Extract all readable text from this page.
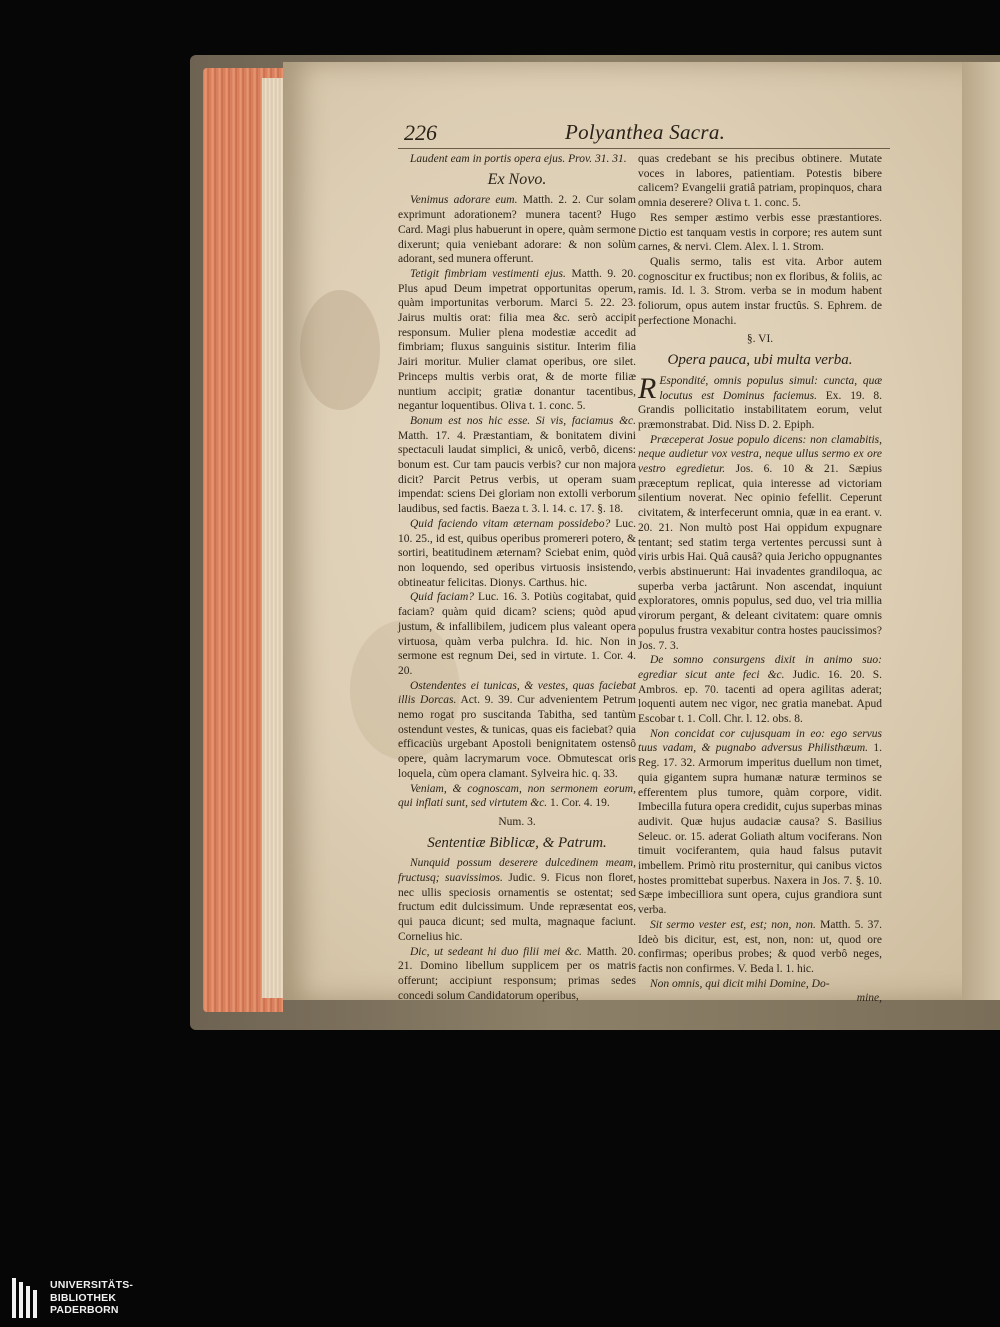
226	Polyanthea Sacra.

Laudent eam in portis opera ejus. Prov. 31. 31.

Ex Novo.

Venimus adorare eum. Matth. 2. 2. Cur solam exprimunt adorationem? munera tacent? Hugo Card. Magi plus habuerunt in opere, quàm sermone dixerunt; quia veniebant adorare: & non solùm adorant, sed munera offerunt.

Tetigit fimbriam vestimenti ejus. Matth. 9. 20. Plus apud Deum impetrat opportunitas operum, quàm importunitas verborum. Marci 5. 22. 23. Jairus multis orat: filia mea &c. serò accipit responsum. Mulier plena modestiæ accedit ad fimbriam; fluxus sanguinis sistitur. Interim filia Jairi moritur. Mulier clamat operibus, ore silet. Princeps multis verbis orat, & de morte filiæ nuntium accipit; gratiæ donantur tacentibus, negantur loquentibus. Oliva t. 1. conc. 5.

Bonum est nos hic esse. Si vis, faciamus &c. Matth. 17. 4. Præstantiam, & bonitatem divini spectaculi laudat simplici, & unicô, verbô, dicens: bonum est. Cur tam paucis verbis? cur non majora dicit? Parcit Petrus verbis, ut operam suam impendat: sciens Dei gloriam non extolli verborum laudibus, sed factis. Baeza t. 3. l. 14. c. 17. §. 18.

Quid faciendo vitam æternam possidebo? Luc. 10. 25., id est, quibus operibus promereri potero, & sortiri, beatitudinem æternam? Sciebat enim, quòd non loquendo, sed operibus virtuosis insistendo, obtineatur felicitas. Dionys. Carthus. hic.

Quid faciam? Luc. 16. 3. Potiùs cogitabat, quid faciam? quàm quid dicam? sciens; quòd apud justum, & infallibilem, judicem plus valeant opera virtuosa, quàm verba pulchra. Id. hic. Non in sermone est regnum Dei, sed in virtute. 1. Cor. 4. 20.

Ostendentes ei tunicas, & vestes, quas faciebat illis Dorcas. Act. 9. 39. Cur advenientem Petrum nemo rogat pro suscitanda Tabitha, sed tantùm ostendunt vestes, & tunicas, quas eis faciebat? quia efficaciùs urgebant Apostoli benignitatem ostensô opere, quàm lacrymarum voce. Obmutescat oris loquela, cùm opera clamant. Sylveira hic. q. 33.

Veniam, & cognoscam, non sermonem eorum, qui inflati sunt, sed virtutem &c. 1. Cor. 4. 19.

Num. 3.
Sententiæ Biblicæ, & Patrum.

Nunquid possum deserere dulcedinem meam, fructusq; suavissimos. Judic. 9. Ficus non floret, nec ullis speciosis ornamentis se ostentat; sed fructum edit dulcissimum. Unde repræsentat eos, qui pauca dicunt; sed multa, magnaque faciunt. Cornelius hic.

Dic, ut sedeant hi duo filii mei &c. Matth. 20. 21. Domino libellum supplicem per os matris offerunt; accipiunt responsum; primas sedes concedi solum Candidatorum operibus,

quas credebant se his precibus obtinere. Mutate voces in labores, patientiam. Potestis bibere calicem? Evangelii gratiâ patriam, propinquos, chara omnia deserere? Oliva t. 1. conc. 5.

Res semper æstimo verbis esse præstantiores. Dictio est tanquam vestis in corpore; res autem sunt carnes, & nervi. Clem. Alex. l. 1. Strom.

Qualis sermo, talis est vita. Arbor autem cognoscitur ex fructibus; non ex floribus, & foliis, ac ramis. Id. l. 3. Strom. verba se in modum habent foliorum, opus autem instar fructûs. S. Ephrem. de perfectione Monachi.

§. VI.
Opera pauca, ubi multa verba.

R Espondité, omnis populus simul: cuncta, quæ locutus est Dominus faciemus. Ex. 19. 8. Grandis pollicitatio instabilitatem eorum, velut præmonstrabat. Did. Niss D. 2. Epiph.

Præceperat Josue populo dicens: non clamabitis, neque audietur vox vestra, neque ullus sermo ex ore vestro egredietur. Jos. 6. 10 & 21. Sæpius præceptum replicat, quia interesse ad victoriam silentium noverat. Nec opinio fefellit. Ceperunt civitatem, & interfecerunt omnia, quæ in ea erant. v. 20. 21. Non multò post Hai oppidum expugnare tentant; sed statim terga vertentes percussi sunt à viris urbis Hai. Quâ causâ? quia Jericho oppugnantes verbis abstinuerunt: Hai invadentes grandiloqua, ac superba verba jactârunt. Non ascendat, inquiunt exploratores, omnis populus, sed duo, vel tria millia virorum pergant, & deleant civitatem: quare omnis populus frustra vexabitur contra hostes paucissimos? Jos. 7. 3.

De somno consurgens dixit in animo suo: egrediar sicut ante feci &c. Judic. 16. 20. S. Ambros. ep. 70. tacenti ad opera agilitas aderat; loquenti autem nec vigor, nec gratia manebat. Apud Escobar t. 1. Coll. Chr. l. 12. obs. 8.

Non concidat cor cujusquam in eo: ego servus tuus vadam, & pugnabo adversus Philisthæum. 1. Reg. 17. 32. Armorum imperitus duellum non timet, quia gigantem supra humanæ naturæ terminos se efferentem plus tumore, quàm corpore, vidit. Imbecilla futura opera credidit, cujus superbas minas audivit. Quæ hujus audaciæ causa? S. Basilius Seleuc. or. 15. aderat Goliath altum vociferans. Non timuit vociferantem, quia haud falsus putavit imbellem. Primò ritu prosternitur, qui canibus victos hostes promittebat superbus. Naxera in Jos. 7. §. 10. Sæpe imbecilliora sunt opera, cujus grandiora sunt verba.

Sit sermo vester est, est; non, non. Matth. 5. 37. Ideò bis dicitur, est, est, non, non: ut, quod ore confirmas; operibus probes; & quod verbô neges, factis non confirmes. V. Beda l. 1. hic.

Non omnis, qui dicit mihi Domine, Do-

mine,

UNIVERSITÄTS-
BIBLIOTHEK
PADERBORN
